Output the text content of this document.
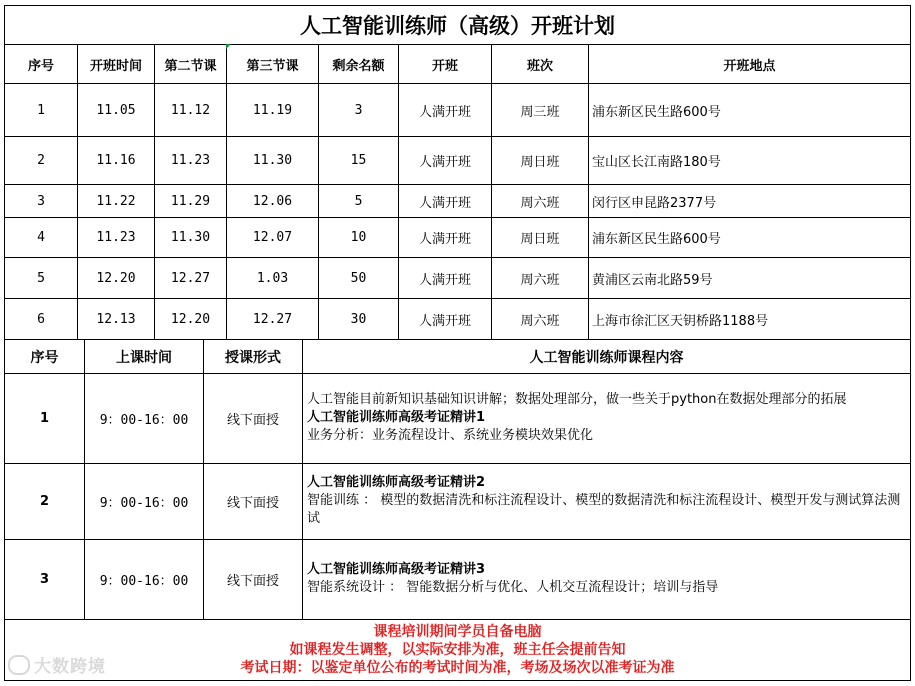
人工智能训练师（高级）开班计划							
序号	开班时间	第二节课	第三节课	剩余名额	开班	班次	开班地点
1	11.05	11.12	11.19	3	人满开班	周三班	浦东新区民生路600号
2	11.16	11.23	11.30	15	人满开班	周日班	宝山区长江南路180号
3	11.22	11.29	12.06	5	人满开班	周六班	闵行区申昆路2377号
4	11.23	11.30	12.07	10	人满开班	周日班	浦东新区民生路600号
5	12.20	12.27	1.03	50	人满开班	周六班	黄浦区云南北路59号
6	12.13	12.20	12.27	30	人满开班	周六班	上海市徐汇区天钥桥路1188号
序号	上课时间	授课形式	人工智能训练师课程内容
1	9：00-16：00	线下面授	人工智能目前新知识基础知识讲解；数据处理部分，做一些关于python在数据处理部分的拓展
人工智能训练师高级考证精讲1
业务分析：业务流程设计、系统业务模块效果优化

2	9：00-16：00	线下面授	人工智能训练师高级考证精讲2
智能训练 ： 模型的数据清洗和标注流程设计、模型的数据清洗和标注流程设计、模型开发与测试算法测试

3	9：00-16：00	线下面授	人工智能训练师高级考证精讲3
智能系统设计 ： 智能数据分析与优化、人机交互流程设计；培训与指导

课程培训期间学员自备电脑
如课程发生调整，以实际安排为准，班主任会提前告知
考试日期：以鉴定单位公布的考试时间为准，考场及场次以准考证为准			
大数跨境
